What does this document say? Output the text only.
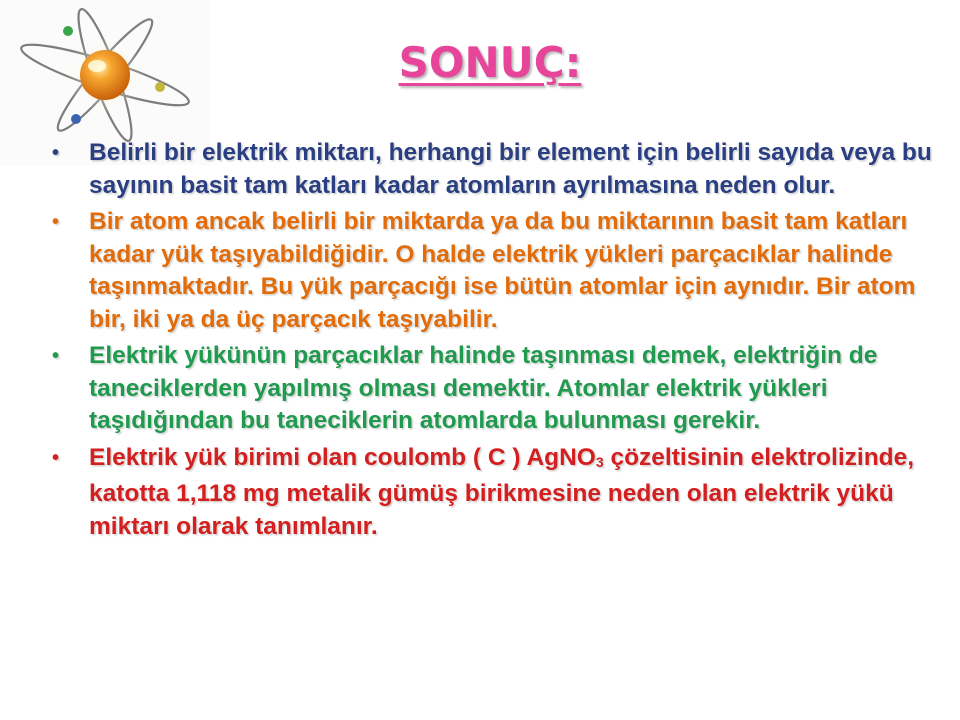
SONUÇ:
• Belirli bir elektrik miktarı, herhangi bir element için belirli sayıda veya bu sayının basit tam katları kadar atomların ayrılmasına neden olur.
• Bir atom ancak belirli bir miktarda ya da bu miktarının basit tam katları kadar yük taşıyabildiğidir. O halde elektrik yükleri parçacıklar halinde taşınmaktadır. Bu yük parçacığı ise bütün atomlar için aynıdır. Bir atom bir, iki ya da üç parçacık taşıyabilir.
• Elektrik yükünün parçacıklar halinde taşınması demek, elektriğin de taneciklerden yapılmış olması demektir. Atomlar elektrik yükleri taşıdığından bu taneciklerin atomlarda bulunması gerekir.
• Elektrik yük birimi olan coulomb ( C ) AgNO3 çözeltisinin elektrolizinde, katotta 1,118 mg metalik gümüş birikmesine neden olan elektrik yükü miktarı olarak tanımlanır.
